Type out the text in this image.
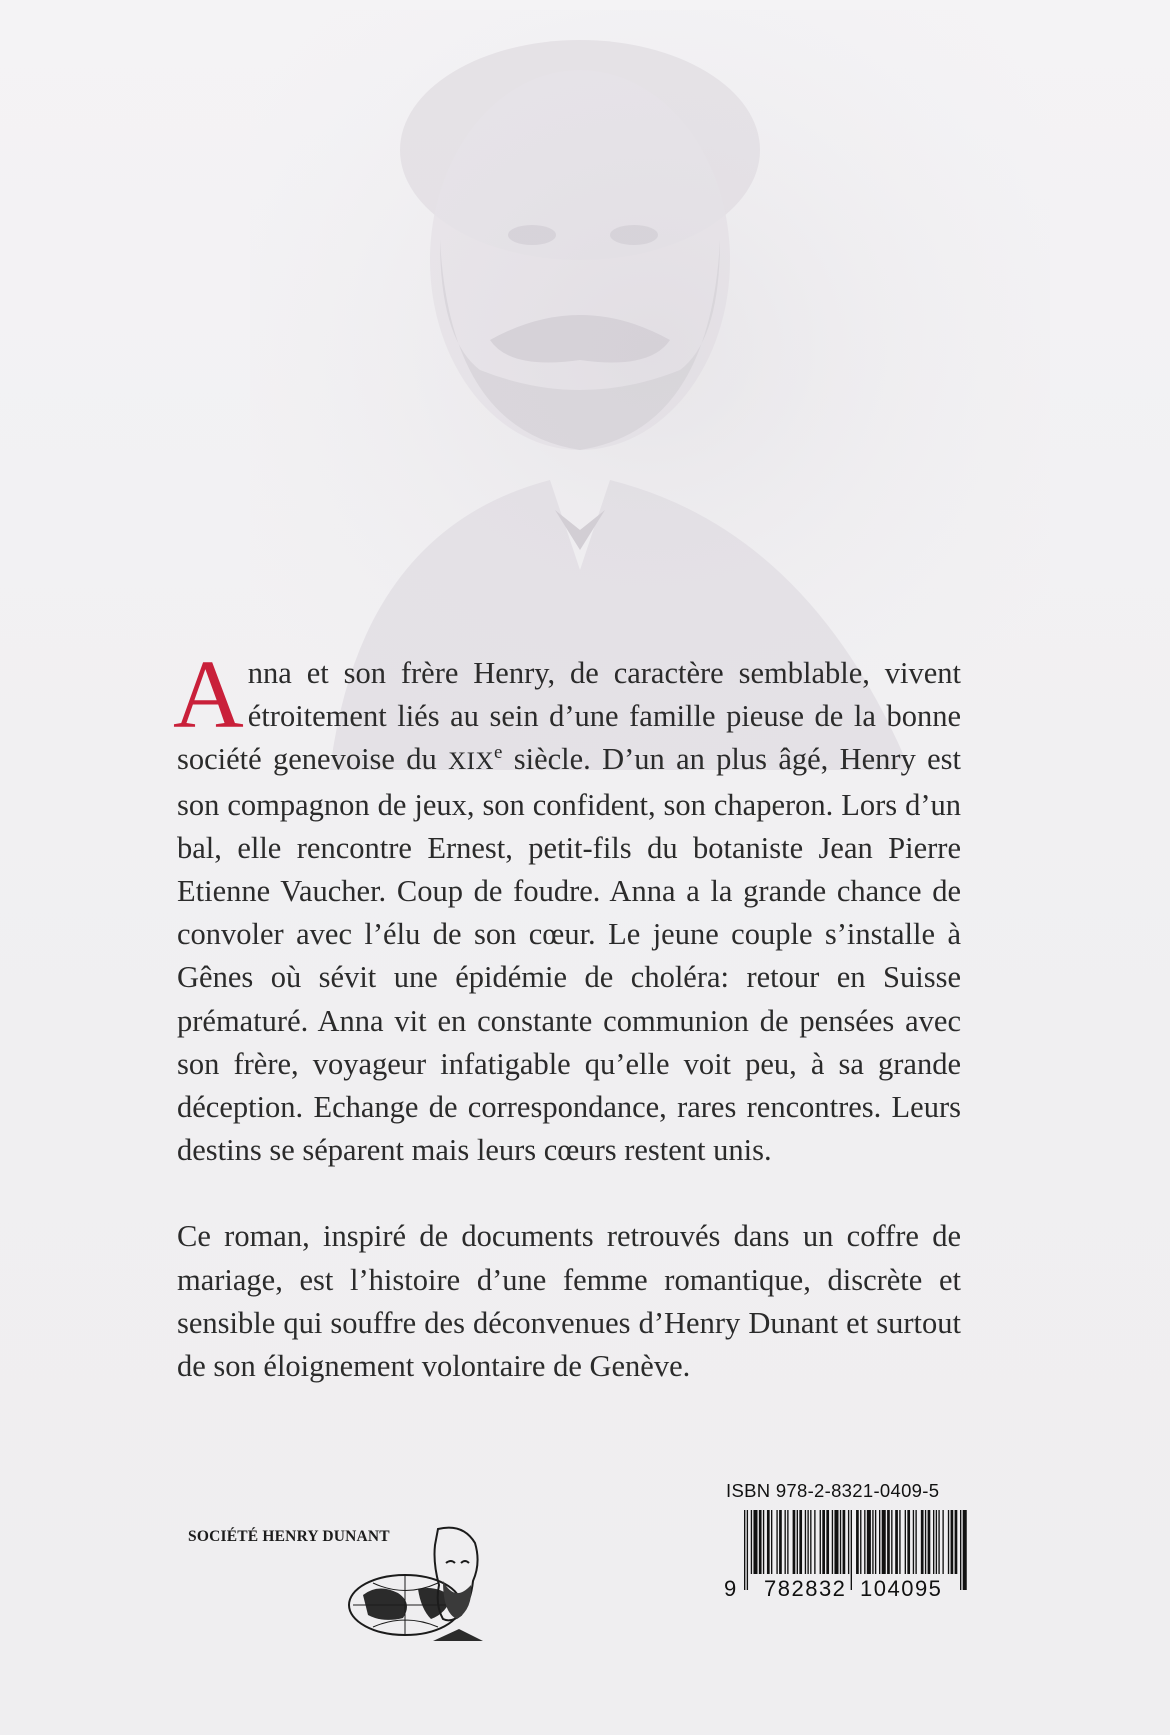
Anna et son frère Henry, de caractère semblable, vivent étroitement liés au sein d’une famille pieuse de la bonne société genevoise du XIXe siècle. D’un an plus âgé, Henry est son compagnon de jeux, son confident, son chaperon. Lors d’un bal, elle rencontre Ernest, petit-fils du botaniste Jean Pierre Etienne Vaucher. Coup de foudre. Anna a la grande chance de convoler avec l’élu de son cœur. Le jeune couple s’installe à Gênes où sévit une épidémie de choléra: retour en Suisse prématuré. Anna vit en constante communion de pensées avec son frère, voyageur infatigable qu’elle voit peu, à sa grande déception. Echange de correspondance, rares rencontres. Leurs destins se séparent mais leurs cœurs restent unis.

Ce roman, inspiré de documents retrouvés dans un coffre de mariage, est l’histoire d’une femme romantique, discrète et sensible qui souffre des déconvenues d’Henry Dunant et surtout de son éloignement volontaire de Genève.

SOCIÉTÉ HENRY DUNANT
ISBN 978-2-8321-0409-5
9 782832 104095
